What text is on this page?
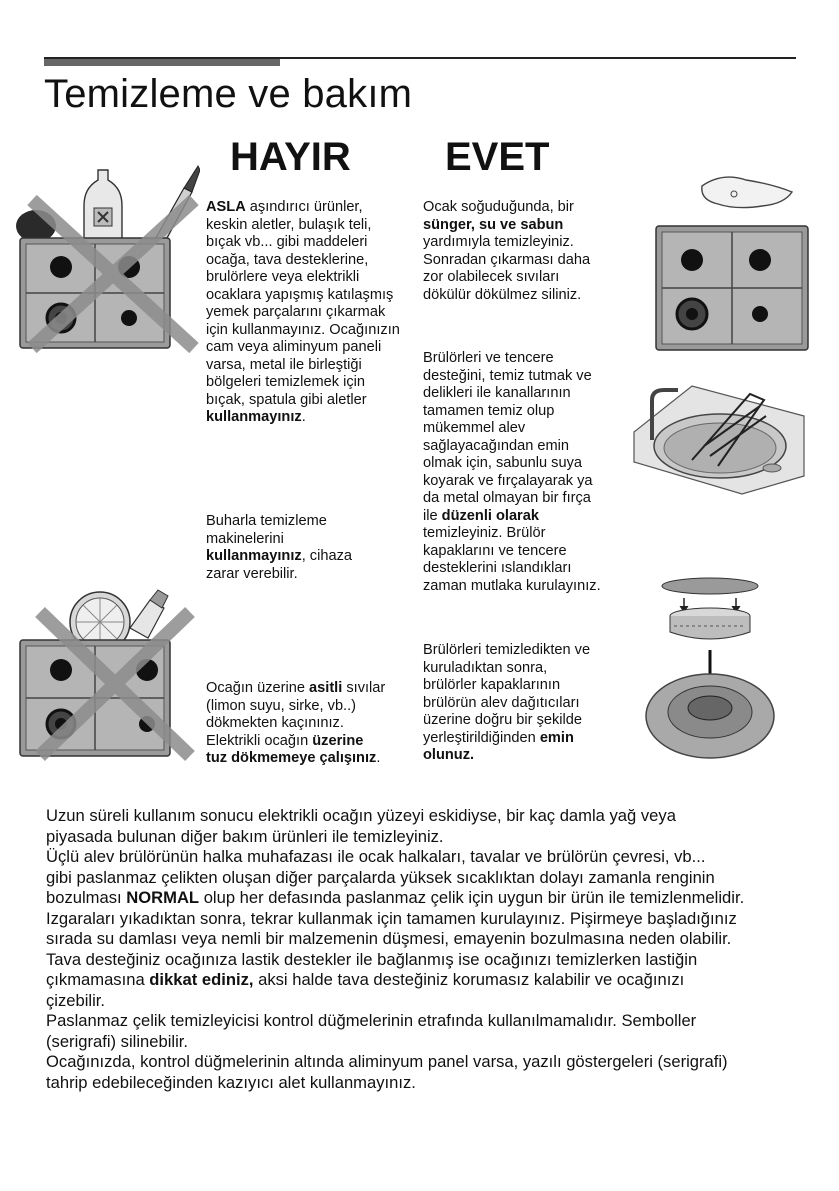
Temizleme ve bakım
HAYIR EVET
ASLA aşındırıcı ürünler,
keskin aletler, bulaşık teli,
bıçak vb... gibi maddeleri
ocağa, tava desteklerine,
brulörlere veya elektrikli
ocaklara yapışmış katılaşmış
yemek parçalarını çıkarmak
için kullanmayınız. Ocağınızın
cam veya aliminyum paneli
varsa, metal ile birleştiği
bölgeleri temizlemek için
bıçak, spatula gibi aletler
kullanmayınız.
Buharla temizleme
makinelerini
kullanmayınız, cihaza
zarar verebilir.
Ocağın üzerine asitli sıvılar
(limon suyu, sirke, vb..)
dökmekten kaçınınız.
Elektrikli ocağın üzerine
tuz dökmemeye çalışınız.
Ocak soğuduğunda, bir
sünger, su ve sabun
yardımıyla temizleyiniz.
Sonradan çıkarması daha
zor olabilecek sıvıları
dökülür dökülmez siliniz.
Brülörleri ve tencere
desteğini, temiz tutmak ve
delikleri ile kanallarının
tamamen temiz olup
mükemmel alev
sağlayacağından emin
olmak için, sabunlu suya
koyarak ve fırçalayarak ya
da metal olmayan bir fırça
ile düzenli olarak
temizleyiniz. Brülör
kapaklarını ve tencere
desteklerini ıslandıkları
zaman mutlaka kurulayınız.
Brülörleri temizledikten ve
kuruladıktan sonra,
brülörler kapaklarının
brülörün alev dağıtıcıları
üzerine doğru bir şekilde
yerleştirildiğinden emin
olunuz.
Uzun süreli kullanım sonucu elektrikli ocağın yüzeyi eskidiyse, bir kaç damla yağ veya
piyasada bulunan diğer bakım ürünleri ile temizleyiniz.
Üçlü alev brülörünün halka muhafazası ile ocak halkaları, tavalar ve brülörün çevresi, vb...
gibi paslanmaz çelikten oluşan diğer parçalarda yüksek sıcaklıktan dolayı zamanla renginin
bozulması NORMAL olup her defasında paslanmaz çelik için uygun bir ürün ile temizlenmelidir.
Izgaraları yıkadıktan sonra, tekrar kullanmak için tamamen kurulayınız. Pişirmeye başladığınız
sırada su damlası veya nemli bir malzemenin düşmesi, emayenin bozulmasına neden olabilir.
Tava desteğiniz ocağınıza lastik destekler ile bağlanmış ise ocağınızı temizlerken lastiğin
çıkmamasına dikkat ediniz, aksi halde tava desteğiniz korumasız kalabilir ve ocağınızı
çizebilir.
Paslanmaz çelik temizleyicisi kontrol düğmelerinin etrafında kullanılmamalıdır. Semboller
(serigrafi) silinebilir.
Ocağınızda, kontrol düğmelerinin altında aliminyum panel varsa, yazılı göstergeleri (serigrafi)
tahrip edebileceğinden kazıyıcı alet kullanmayınız.
